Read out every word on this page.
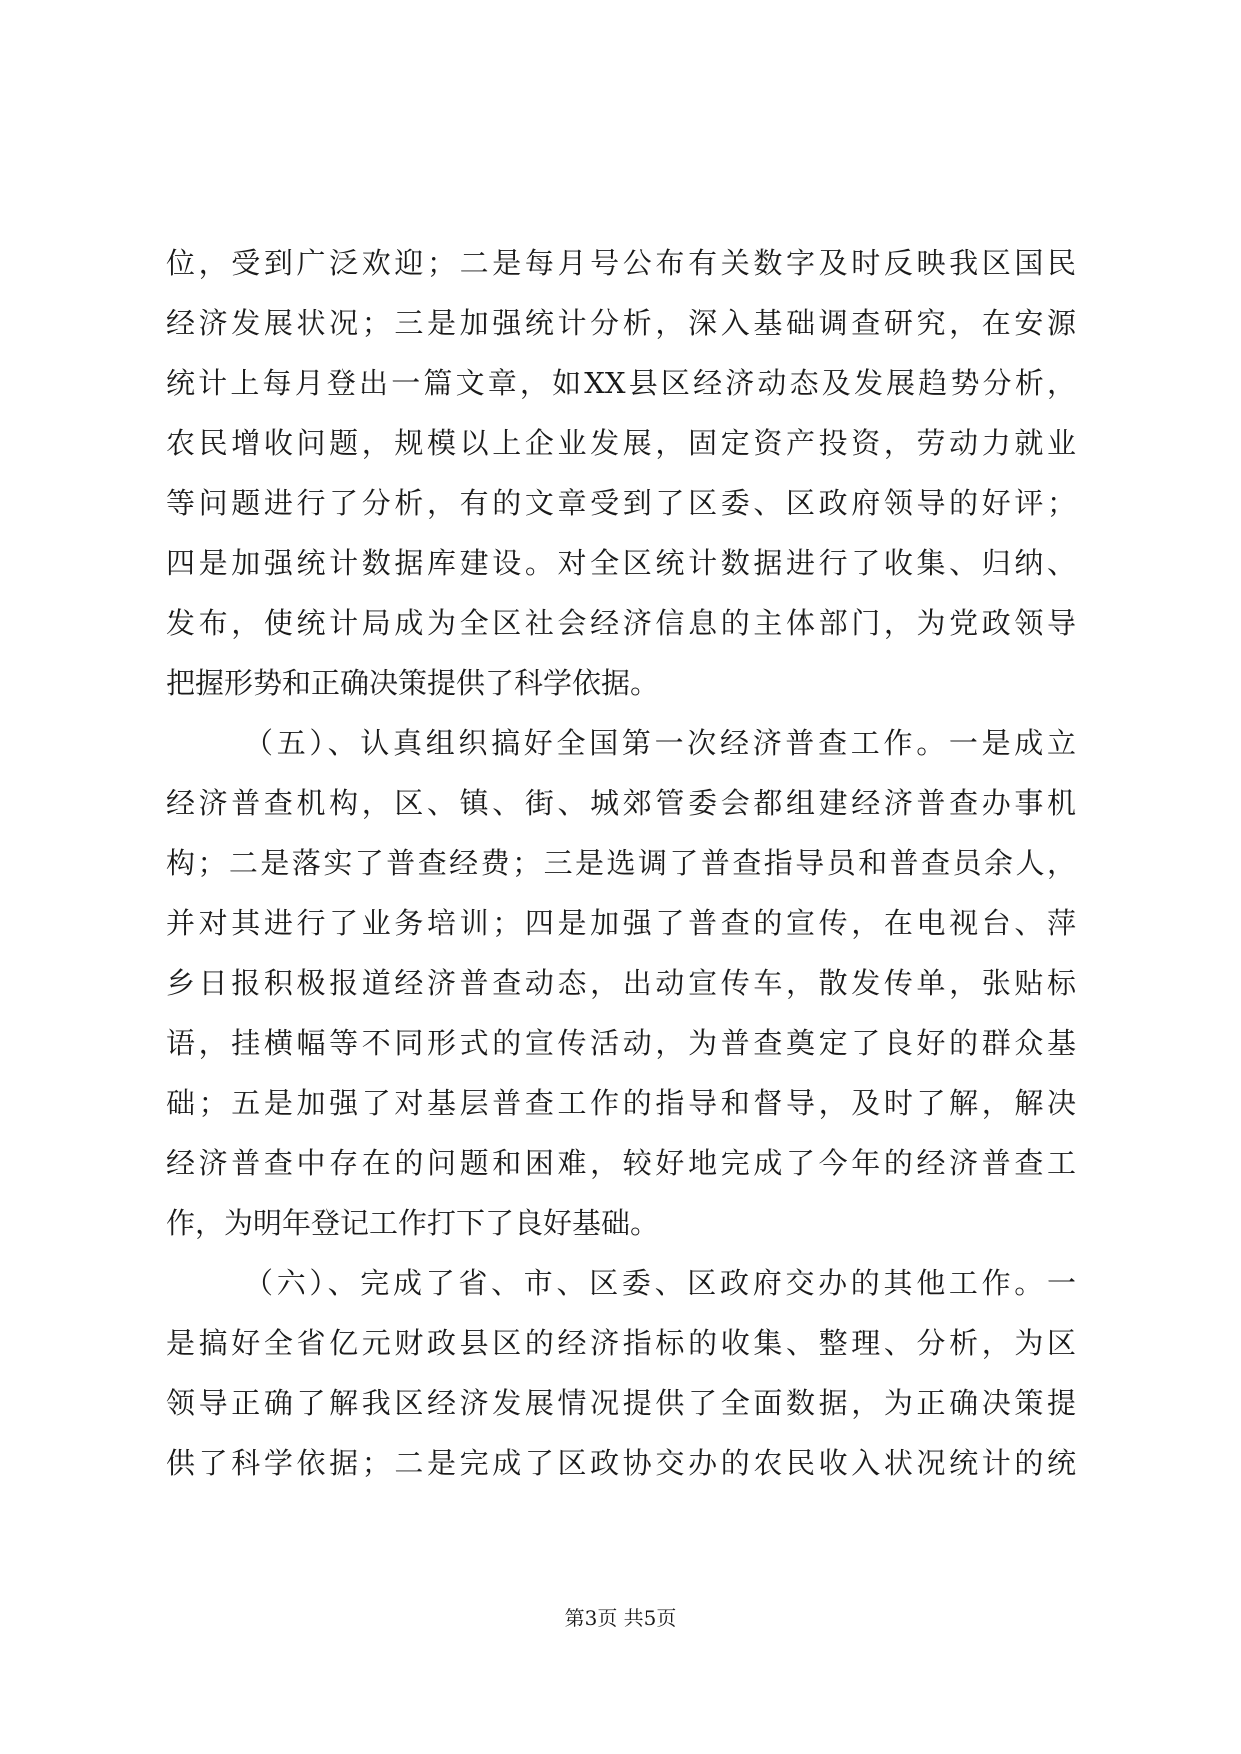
位，受到广泛欢迎；二是每月号公布有关数字及时反映我区国民
经济发展状况；三是加强统计分析，深入基础调查研究，在安源
统计上每月登出一篇文章，如XX县区经济动态及发展趋势分析，
农民增收问题，规模以上企业发展，固定资产投资，劳动力就业
等问题进行了分析，有的文章受到了区委、区政府领导的好评；
四是加强统计数据库建设。对全区统计数据进行了收集、归纳、
发布，使统计局成为全区社会经济信息的主体部门，为党政领导
把握形势和正确决策提供了科学依据。
（五）、认真组织搞好全国第一次经济普查工作。一是成立
经济普查机构，区、镇、街、城郊管委会都组建经济普查办事机
构；二是落实了普查经费；三是选调了普查指导员和普查员余人，
并对其进行了业务培训；四是加强了普查的宣传，在电视台、萍
乡日报积极报道经济普查动态，出动宣传车，散发传单，张贴标
语，挂横幅等不同形式的宣传活动，为普查奠定了良好的群众基
础；五是加强了对基层普查工作的指导和督导，及时了解，解决
经济普查中存在的问题和困难，较好地完成了今年的经济普查工
作，为明年登记工作打下了良好基础。
（六）、完成了省、市、区委、区政府交办的其他工作。一
是搞好全省亿元财政县区的经济指标的收集、整理、分析，为区
领导正确了解我区经济发展情况提供了全面数据，为正确决策提
供了科学依据；二是完成了区政协交办的农民收入状况统计的统
第3页 共5页
